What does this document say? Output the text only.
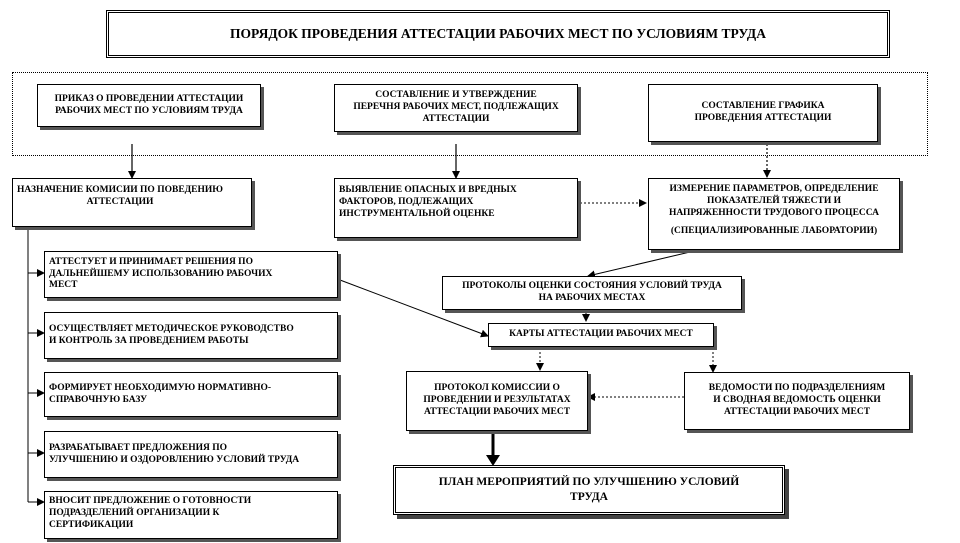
ПОРЯДОК ПРОВЕДЕНИЯ АТТЕСТАЦИИ РАБОЧИХ МЕСТ ПО УСЛОВИЯМ ТРУДА
ПРИКАЗ О ПРОВЕДЕНИИ АТТЕСТАЦИИ
РАБОЧИХ МЕСТ ПО УСЛОВИЯМ ТРУДА
СОСТАВЛЕНИЕ И УТВЕРЖДЕНИЕ
ПЕРЕЧНЯ РАБОЧИХ МЕСТ, ПОДЛЕЖАЩИХ
АТТЕСТАЦИИ
СОСТАВЛЕНИЕ ГРАФИКА
ПРОВЕДЕНИЯ АТТЕСТАЦИИ
НАЗНАЧЕНИЕ КОМИСИИ ПО ПОВЕДЕНИЮ
АТТЕСТАЦИИ
ВЫЯВЛЕНИЕ ОПАСНЫХ И ВРЕДНЫХ
ФАКТОРОВ, ПОДЛЕЖАЩИХ
ИНСТРУМЕНТАЛЬНОЙ ОЦЕНКЕ
ИЗМЕРЕНИЕ ПАРАМЕТРОВ, ОПРЕДЕЛЕНИЕ
ПОКАЗАТЕЛЕЙ ТЯЖЕСТИ И
НАПРЯЖЕННОСТИ ТРУДОВОГО ПРОЦЕССА
(СПЕЦИАЛИЗИРОВАННЫЕ ЛАБОРАТОРИИ)
АТТЕСТУЕТ И ПРИНИМАЕТ РЕШЕНИЯ ПО
ДАЛЬНЕЙШЕМУ ИСПОЛЬЗОВАНИЮ РАБОЧИХ
МЕСТ
ОСУЩЕСТВЛЯЕТ МЕТОДИЧЕСКОЕ РУКОВОДСТВО
И КОНТРОЛЬ ЗА ПРОВЕДЕНИЕМ РАБОТЫ
ФОРМИРУЕТ НЕОБХОДИМУЮ НОРМАТИВНО-
СПРАВОЧНУЮ БАЗУ
РАЗРАБАТЫВАЕТ ПРЕДЛОЖЕНИЯ ПО
УЛУЧШЕНИЮ И ОЗДОРОВЛЕНИЮ УСЛОВИЙ ТРУДА
ВНОСИТ ПРЕДЛОЖЕНИЕ О ГОТОВНОСТИ
ПОДРАЗДЕЛЕНИЙ ОРГАНИЗАЦИИ К
СЕРТИФИКАЦИИ
ПРОТОКОЛЫ ОЦЕНКИ СОСТОЯНИЯ УСЛОВИЙ ТРУДА
НА РАБОЧИХ МЕСТАХ
КАРТЫ АТТЕСТАЦИИ РАБОЧИХ МЕСТ
ПРОТОКОЛ КОМИССИИ О
ПРОВЕДЕНИИ И РЕЗУЛЬТАТАХ
АТТЕСТАЦИИ РАБОЧИХ МЕСТ
ВЕДОМОСТИ ПО ПОДРАЗДЕЛЕНИЯМ
И СВОДНАЯ ВЕДОМОСТЬ ОЦЕНКИ
АТТЕСТАЦИИ РАБОЧИХ МЕСТ
ПЛАН МЕРОПРИЯТИЙ ПО УЛУЧШЕНИЮ УСЛОВИЙ
ТРУДА
